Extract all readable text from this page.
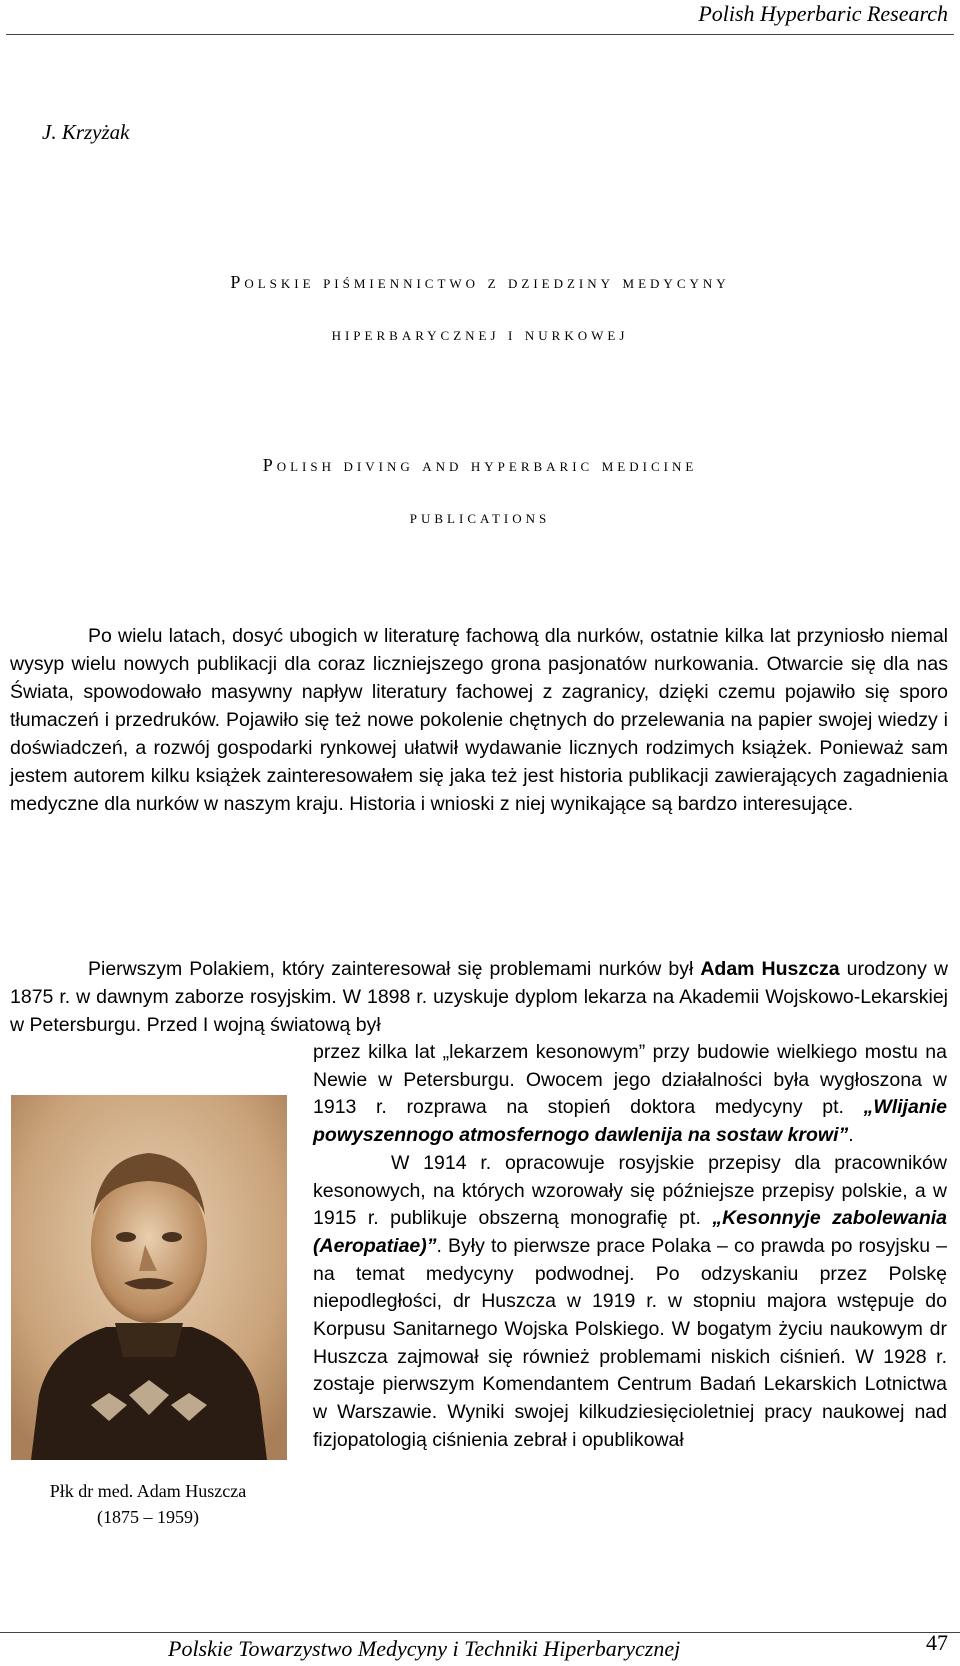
Polish Hyperbaric Research
J. Krzyżak
Polskie piśmiennictwo z dziedziny medycyny
hiperbarycznej i nurkowej
Polish diving and hyperbaric medicine
publications
Po wielu latach, dosyć ubogich w literaturę fachową dla nurków, ostatnie kilka lat przyniosło niemal wysyp wielu nowych publikacji dla coraz liczniejszego grona pasjonatów nurkowania. Otwarcie się dla nas Świata, spowodowało masywny napływ literatury fachowej z zagranicy, dzięki czemu pojawiło się sporo tłumaczeń i przedruków. Pojawiło się też nowe pokolenie chętnych do przelewania na papier swojej wiedzy i doświadczeń, a rozwój gospodarki rynkowej ułatwił wydawanie licznych rodzimych książek. Ponieważ sam jestem autorem kilku książek zainteresowałem się jaka też jest historia publikacji zawierających zagadnienia medyczne dla nurków w naszym kraju. Historia i wnioski z niej wynikające są bardzo interesujące.
Pierwszym Polakiem, który zainteresował się problemami nurków był Adam Huszcza urodzony w 1875 r. w dawnym zaborze rosyjskim. W 1898 r. uzyskuje dyplom lekarza na Akademii Wojskowo-Lekarskiej w Petersburgu. Przed I wojną światową był
Płk dr med. Adam Huszcza
(1875 – 1959)
przez kilka lat „lekarzem kesonowym” przy budowie wielkiego mostu na Newie w Petersburgu. Owocem jego działalności była wygłoszona w 1913 r. rozprawa na stopień doktora medycyny pt. „Wlijanie powyszennogo atmosfernogo dawlenija na sostaw krowi”.
W 1914 r. opracowuje rosyjskie przepisy dla pracowników kesonowych, na których wzorowały się późniejsze przepisy polskie, a w 1915 r. publikuje obszerną monografię pt. „Kesonnyje zabolewania (Aeropatiae)”. Były to pierwsze prace Polaka – co prawda po rosyjsku – na temat medycyny podwodnej. Po odzyskaniu przez Polskę niepodległości, dr Huszcza w 1919 r. w stopniu majora wstępuje do Korpusu Sanitarnego Wojska Polskiego. W bogatym życiu naukowym dr Huszcza zajmował się również problemami niskich ciśnień. W 1928 r. zostaje pierwszym Komendantem Centrum Badań Lekarskich Lotnictwa w Warszawie. Wyniki swojej kilkudziesięcioletniej pracy naukowej nad fizjopatologią ciśnienia zebrał i opublikował
Polskie Towarzystwo Medycyny i Techniki Hiperbarycznej	47
